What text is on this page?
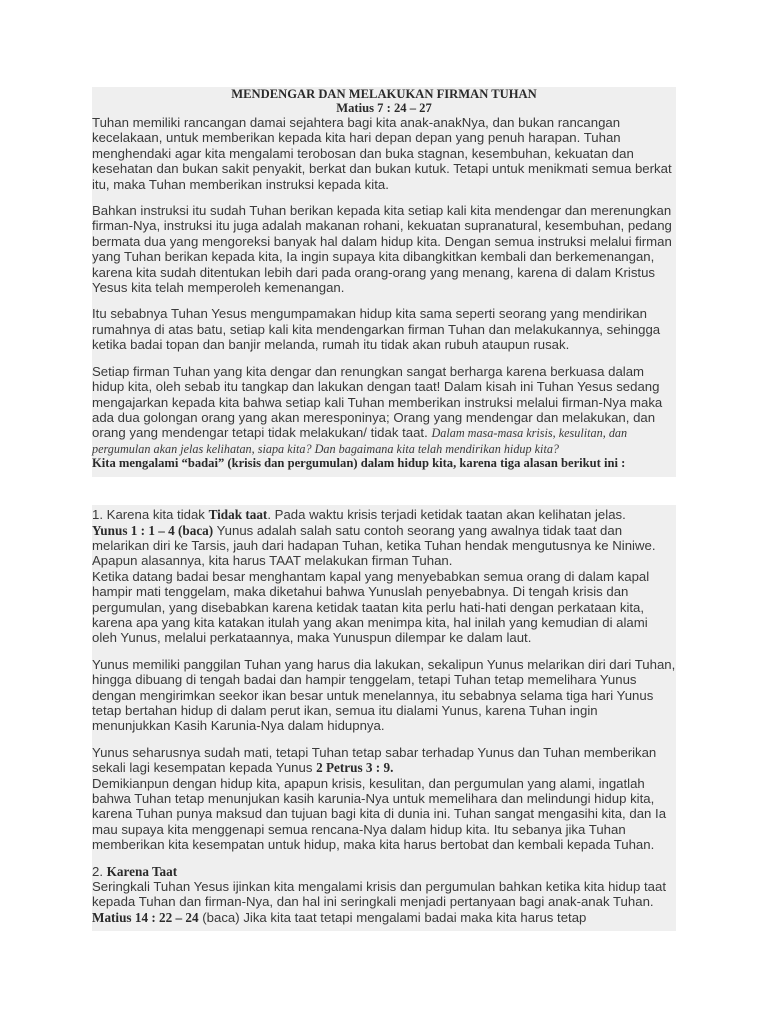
MENDENGAR DAN MELAKUKAN FIRMAN TUHAN
Matius 7 : 24 – 27

Tuhan memiliki rancangan damai sejahtera bagi kita anak-anakNya, dan bukan rancangan kecelakaan, untuk memberikan kepada kita hari depan depan yang penuh harapan. Tuhan menghendaki agar kita mengalami terobosan dan buka stagnan, kesembuhan, kekuatan dan kesehatan dan bukan sakit penyakit, berkat dan bukan kutuk. Tetapi untuk menikmati semua berkat itu, maka Tuhan memberikan instruksi kepada kita.

Bahkan instruksi itu sudah Tuhan berikan kepada kita setiap kali kita mendengar dan merenungkan firman-Nya, instruksi itu juga adalah makanan rohani, kekuatan supranatural, kesembuhan, pedang bermata dua yang mengoreksi banyak hal dalam hidup kita. Dengan semua instruksi melalui firman yang Tuhan berikan kepada kita, Ia ingin supaya kita dibangkitkan kembali dan berkemenangan, karena kita sudah ditentukan lebih dari pada orang-orang yang menang, karena di dalam Kristus Yesus kita telah memperoleh kemenangan.

Itu sebabnya Tuhan Yesus mengumpamakan hidup kita sama seperti seorang yang mendirikan rumahnya di atas batu, setiap kali kita mendengarkan firman Tuhan dan melakukannya, sehingga ketika badai topan dan banjir melanda, rumah itu tidak akan rubuh ataupun rusak.

Setiap firman Tuhan yang kita dengar dan renungkan sangat berharga karena berkuasa dalam hidup kita, oleh sebab itu tangkap dan lakukan dengan taat! Dalam kisah ini Tuhan Yesus sedang mengajarkan kepada kita bahwa setiap kali Tuhan memberikan instruksi melalui firman-Nya maka ada dua golongan orang yang akan meresponinya; Orang yang mendengar dan melakukan, dan orang yang mendengar tetapi tidak melakukan/ tidak taat. Dalam masa-masa krisis, kesulitan, dan pergumulan akan jelas kelihatan, siapa kita? Dan bagaimana kita telah mendirikan hidup kita?

Kita mengalami “badai” (krisis dan pergumulan) dalam hidup kita, karena tiga alasan berikut ini :

1. Karena kita tidak Tidak taat. Pada waktu krisis terjadi ketidak taatan akan kelihatan jelas.

Yunus 1 : 1 – 4 (baca) Yunus adalah salah satu contoh seorang yang awalnya tidak taat dan melarikan diri ke Tarsis, jauh dari hadapan Tuhan, ketika Tuhan hendak mengutusnya ke Niniwe. Apapun alasannya, kita harus TAAT melakukan firman Tuhan.

Ketika datang badai besar menghantam kapal yang menyebabkan semua orang di dalam kapal hampir mati tenggelam, maka diketahui bahwa Yunuslah penyebabnya. Di tengah krisis dan pergumulan, yang disebabkan karena ketidak taatan kita perlu hati-hati dengan perkataan kita, karena apa yang kita katakan itulah yang akan menimpa kita, hal inilah yang kemudian di alami oleh Yunus, melalui perkataannya, maka Yunuspun dilempar ke dalam laut.

Yunus memiliki panggilan Tuhan yang harus dia lakukan, sekalipun Yunus melarikan diri dari Tuhan, hingga dibuang di tengah badai dan hampir tenggelam, tetapi Tuhan tetap memelihara Yunus dengan mengirimkan seekor ikan besar untuk menelannya, itu sebabnya selama tiga hari Yunus tetap bertahan hidup di dalam perut ikan, semua itu dialami Yunus, karena Tuhan ingin menunjukkan Kasih Karunia-Nya dalam hidupnya.

Yunus seharusnya sudah mati, tetapi Tuhan tetap sabar terhadap Yunus dan Tuhan memberikan sekali lagi kesempatan kepada Yunus 2 Petrus 3 : 9.

Demikianpun dengan hidup kita, apapun krisis, kesulitan, dan pergumulan yang alami, ingatlah bahwa Tuhan tetap menunjukan kasih karunia-Nya untuk memelihara dan melindungi hidup kita, karena Tuhan punya maksud dan tujuan bagi kita di dunia ini. Tuhan sangat mengasihi kita, dan Ia mau supaya kita menggenapi semua rencana-Nya dalam hidup kita. Itu sebanya jika Tuhan memberikan kita kesempatan untuk hidup, maka kita harus bertobat dan kembali kepada Tuhan.

2. Karena Taat

Seringkali Tuhan Yesus ijinkan kita mengalami krisis dan pergumulan bahkan ketika kita hidup taat kepada Tuhan dan firman-Nya, dan hal ini seringkali menjadi pertanyaan bagi anak-anak Tuhan. Matius 14 : 22 – 24 (baca) Jika kita taat tetapi mengalami badai maka kita harus tetap
